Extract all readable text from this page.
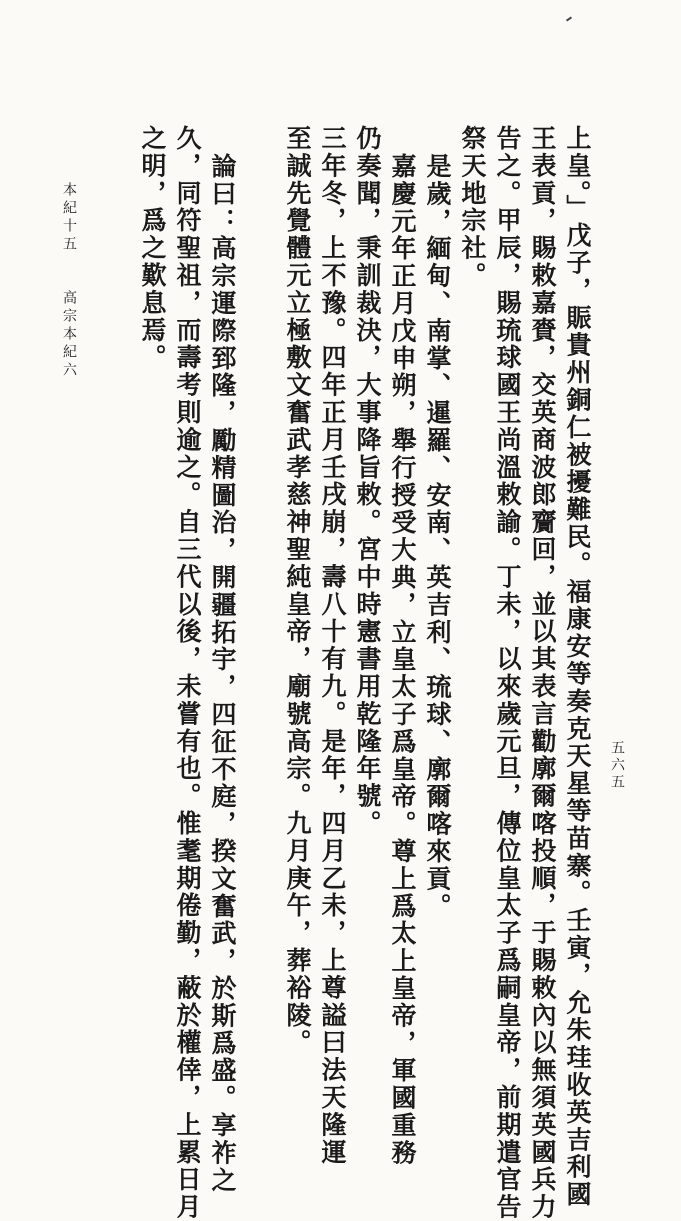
上皇。」戊子，賑貴州銅仁被擾難民。福康安等奏克天星等苗寨。壬寅，允朱珪收英吉利國
王表貢，賜敕嘉賚，交英商波郎齎回，並以其表言勸廓爾喀投順，于賜敕內以無須英國兵力
告之。甲辰，賜琉球國王尚溫敕諭。丁未，以來歲元旦，傳位皇太子爲嗣皇帝，前期遣官告
祭天地宗社。
是歲，緬甸、南掌、暹羅、安南、英吉利、琉球、廓爾喀來貢。
嘉慶元年正月戊申朔，舉行授受大典，立皇太子爲皇帝。尊上爲太上皇帝，軍國重務
仍奏聞，秉訓裁決，大事降旨敕。宮中時憲書用乾隆年號。
三年冬，上不豫。四年正月壬戌崩，壽八十有九。是年，四月乙未，上尊謚曰法天隆運
至誠先覺體元立極敷文奮武孝慈神聖純皇帝，廟號高宗。九月庚午，葬裕陵。
論曰：高宗運際郅隆，勵精圖治，開疆拓宇，四征不庭，揆文奮武，於斯爲盛。享祚之
久，同符聖祖，而壽考則逾之。自三代以後，未嘗有也。惟耄期倦勤，蔽於權倖，上累日月
之明，爲之歎息焉。
本紀十五
高宗本紀六
五六五
